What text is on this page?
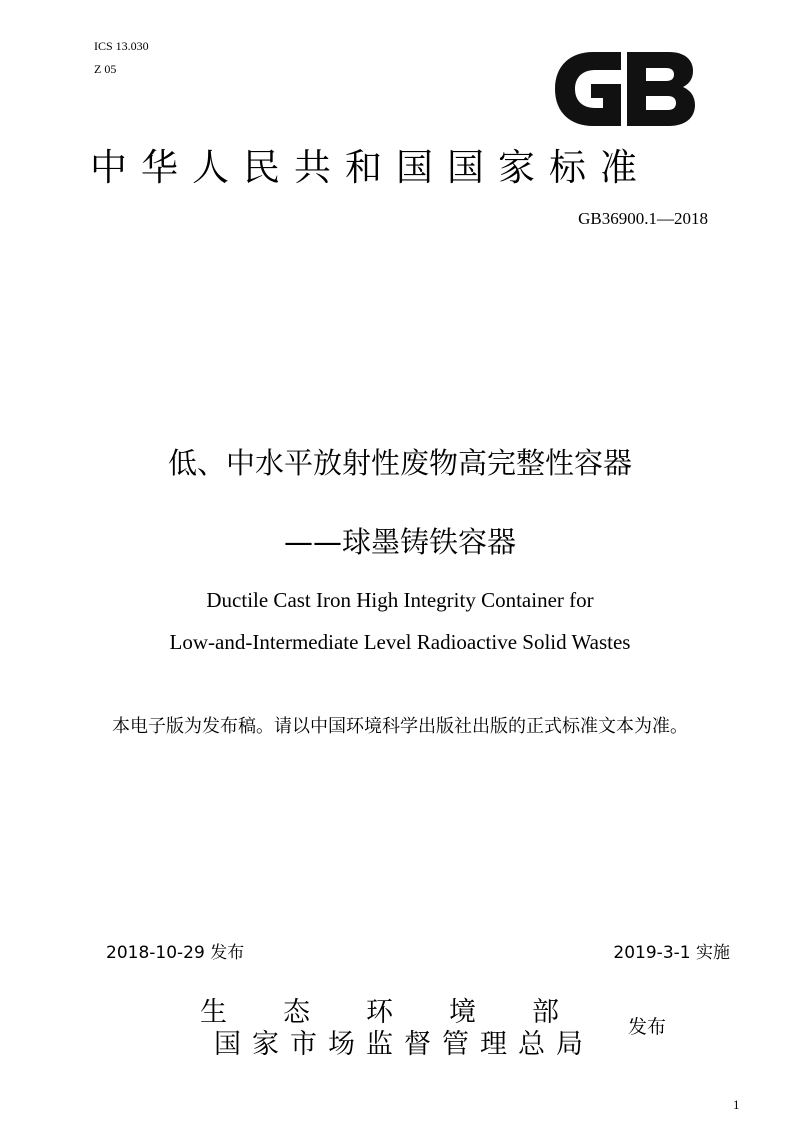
ICS 13.030
Z 05
中华人民共和国国家标准
GB36900.1—2018
低、中水平放射性废物高完整性容器
——球墨铸铁容器
Ductile Cast Iron High Integrity Container for
Low-and-Intermediate Level Radioactive Solid Wastes
本电子版为发布稿。请以中国环境科学出版社出版的正式标准文本为准。
2018-10-29 发布	2019-3-1 实施
生态环境部
国家市场监督管理总局
发布
1
